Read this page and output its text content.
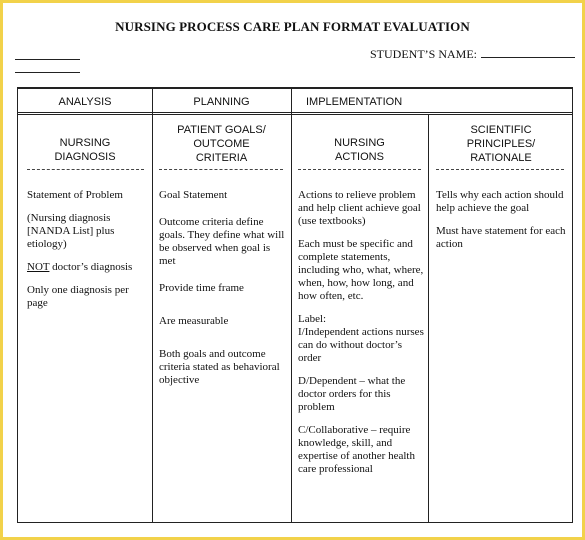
NURSING PROCESS CARE PLAN FORMAT EVALUATION
STUDENT’S NAME:
ANALYSIS	PLANNING	IMPLEMENTATION
NURSING
DIAGNOSIS
PATIENT GOALS/
OUTCOME
CRITERIA
NURSING
ACTIONS
SCIENTIFIC
PRINCIPLES/
RATIONALE

Statement of Problem

(Nursing diagnosis [NANDA List] plus etiology)

NOT doctor’s diagnosis

Only one diagnosis per page

Goal Statement

Outcome criteria define goals. They define what will be observed when goal is met

Provide time frame

Are measurable

Both goals and outcome criteria stated as behavioral objective

Actions to relieve problem and help client achieve goal (use textbooks)

Each must be specific and complete statements, including who, what, where, when, how, how long, and how often, etc.

Label:

I/Independent actions nurses can do without doctor’s order

D/Dependent – what the doctor orders for this problem

C/Collaborative – require knowledge, skill, and expertise of another health care professional

Tells why each action should help achieve the goal

Must have statement for each action
